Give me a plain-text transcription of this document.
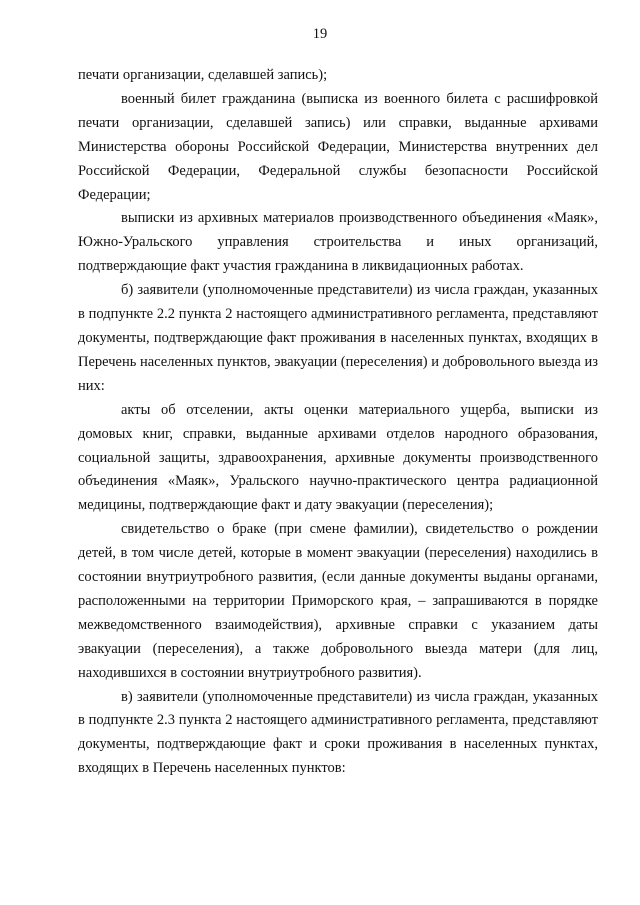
19

печати организации, сделавшей запись);

военный билет гражданина (выписка из военного билета с расшифровкой печати организации, сделавшей запись) или справки, выданные архивами Министерства обороны Российской Федерации, Министерства внутренних дел Российской Федерации, Федеральной службы безопасности Российской Федерации;

выписки из архивных материалов производственного объединения «Маяк», Южно-Уральского управления строительства и иных организаций, подтверждающие факт участия гражданина в ликвидационных работах.

б) заявители (уполномоченные представители) из числа граждан, указанных в подпункте 2.2 пункта 2 настоящего административного регламента, представляют документы, подтверждающие факт проживания в населенных пунктах, входящих в Перечень населенных пунктов, эвакуации (переселения) и добровольного выезда из них:

акты об отселении, акты оценки материального ущерба, выписки из домовых книг, справки, выданные архивами отделов народного образования, социальной защиты, здравоохранения, архивные документы производственного объединения «Маяк», Уральского научно-практического центра радиационной медицины, подтверждающие факт и дату эвакуации (переселения);

свидетельство о браке (при смене фамилии), свидетельство о рождении детей, в том числе детей, которые в момент эвакуации (переселения) находились в состоянии внутриутробного развития, (если данные документы выданы органами, расположенными на территории Приморского края, – запрашиваются в порядке межведомственного взаимодействия), архивные справки с указанием даты эвакуации (переселения), а также добровольного выезда матери (для лиц, находившихся в состоянии внутриутробного развития).

в) заявители (уполномоченные представители) из числа граждан, указанных в подпункте 2.3 пункта 2 настоящего административного регламента, представляют документы, подтверждающие факт и сроки проживания в населенных пунктах, входящих в Перечень населенных пунктов:
